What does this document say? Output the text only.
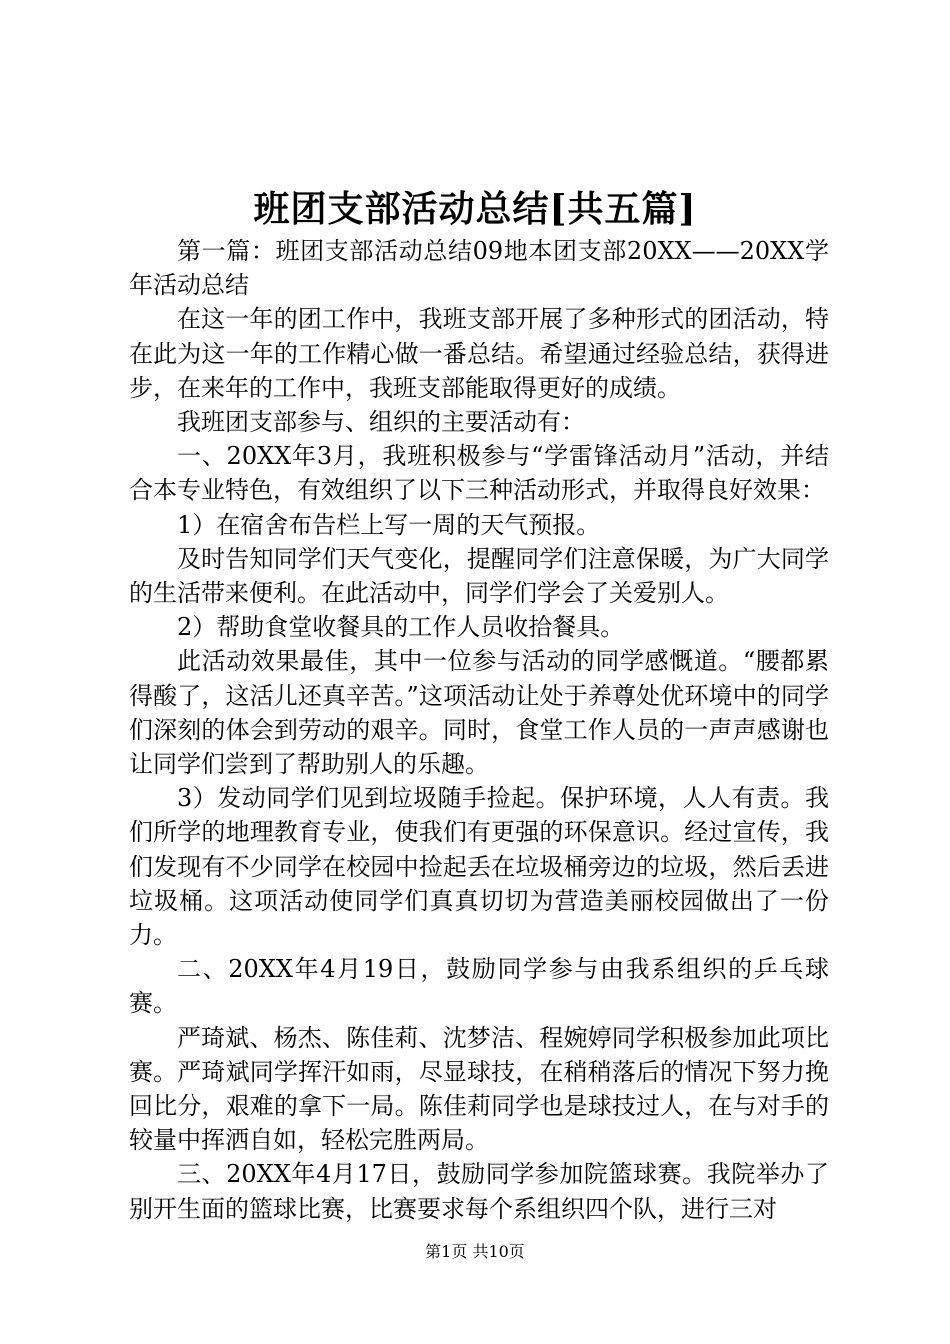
班团支部活动总结[共五篇]

第一篇：班团支部活动总结09地本团支部20XX——20XX学年活动总结

在这一年的团工作中，我班支部开展了多种形式的团活动，特在此为这一年的工作精心做一番总结。希望通过经验总结，获得进步，在来年的工作中，我班支部能取得更好的成绩。

我班团支部参与、组织的主要活动有：

一、20XX年3月，我班积极参与“学雷锋活动月”活动，并结合本专业特色，有效组织了以下三种活动形式，并取得良好效果：

1）在宿舍布告栏上写一周的天气预报。

及时告知同学们天气变化，提醒同学们注意保暖，为广大同学的生活带来便利。在此活动中，同学们学会了关爱别人。

2）帮助食堂收餐具的工作人员收拾餐具。

此活动效果最佳，其中一位参与活动的同学感慨道。“腰都累得酸了，这活儿还真辛苦。”这项活动让处于养尊处优环境中的同学们深刻的体会到劳动的艰辛。同时，食堂工作人员的一声声感谢也让同学们尝到了帮助别人的乐趣。

3）发动同学们见到垃圾随手捡起。保护环境，人人有责。我们所学的地理教育专业，使我们有更强的环保意识。经过宣传，我们发现有不少同学在校园中捡起丢在垃圾桶旁边的垃圾，然后丢进垃圾桶。这项活动使同学们真真切切为营造美丽校园做出了一份力。

二、20XX年4月19日，鼓励同学参与由我系组织的乒乓球赛。

严琦斌、杨杰、陈佳莉、沈梦洁、程婉婷同学积极参加此项比赛。严琦斌同学挥汗如雨，尽显球技，在稍稍落后的情况下努力挽回比分，艰难的拿下一局。陈佳莉同学也是球技过人，在与对手的较量中挥洒自如，轻松完胜两局。

三、20XX年4月17日，鼓励同学参加院篮球赛。我院举办了别开生面的篮球比赛，比赛要求每个系组织四个队，进行三对

第1页 共10页
